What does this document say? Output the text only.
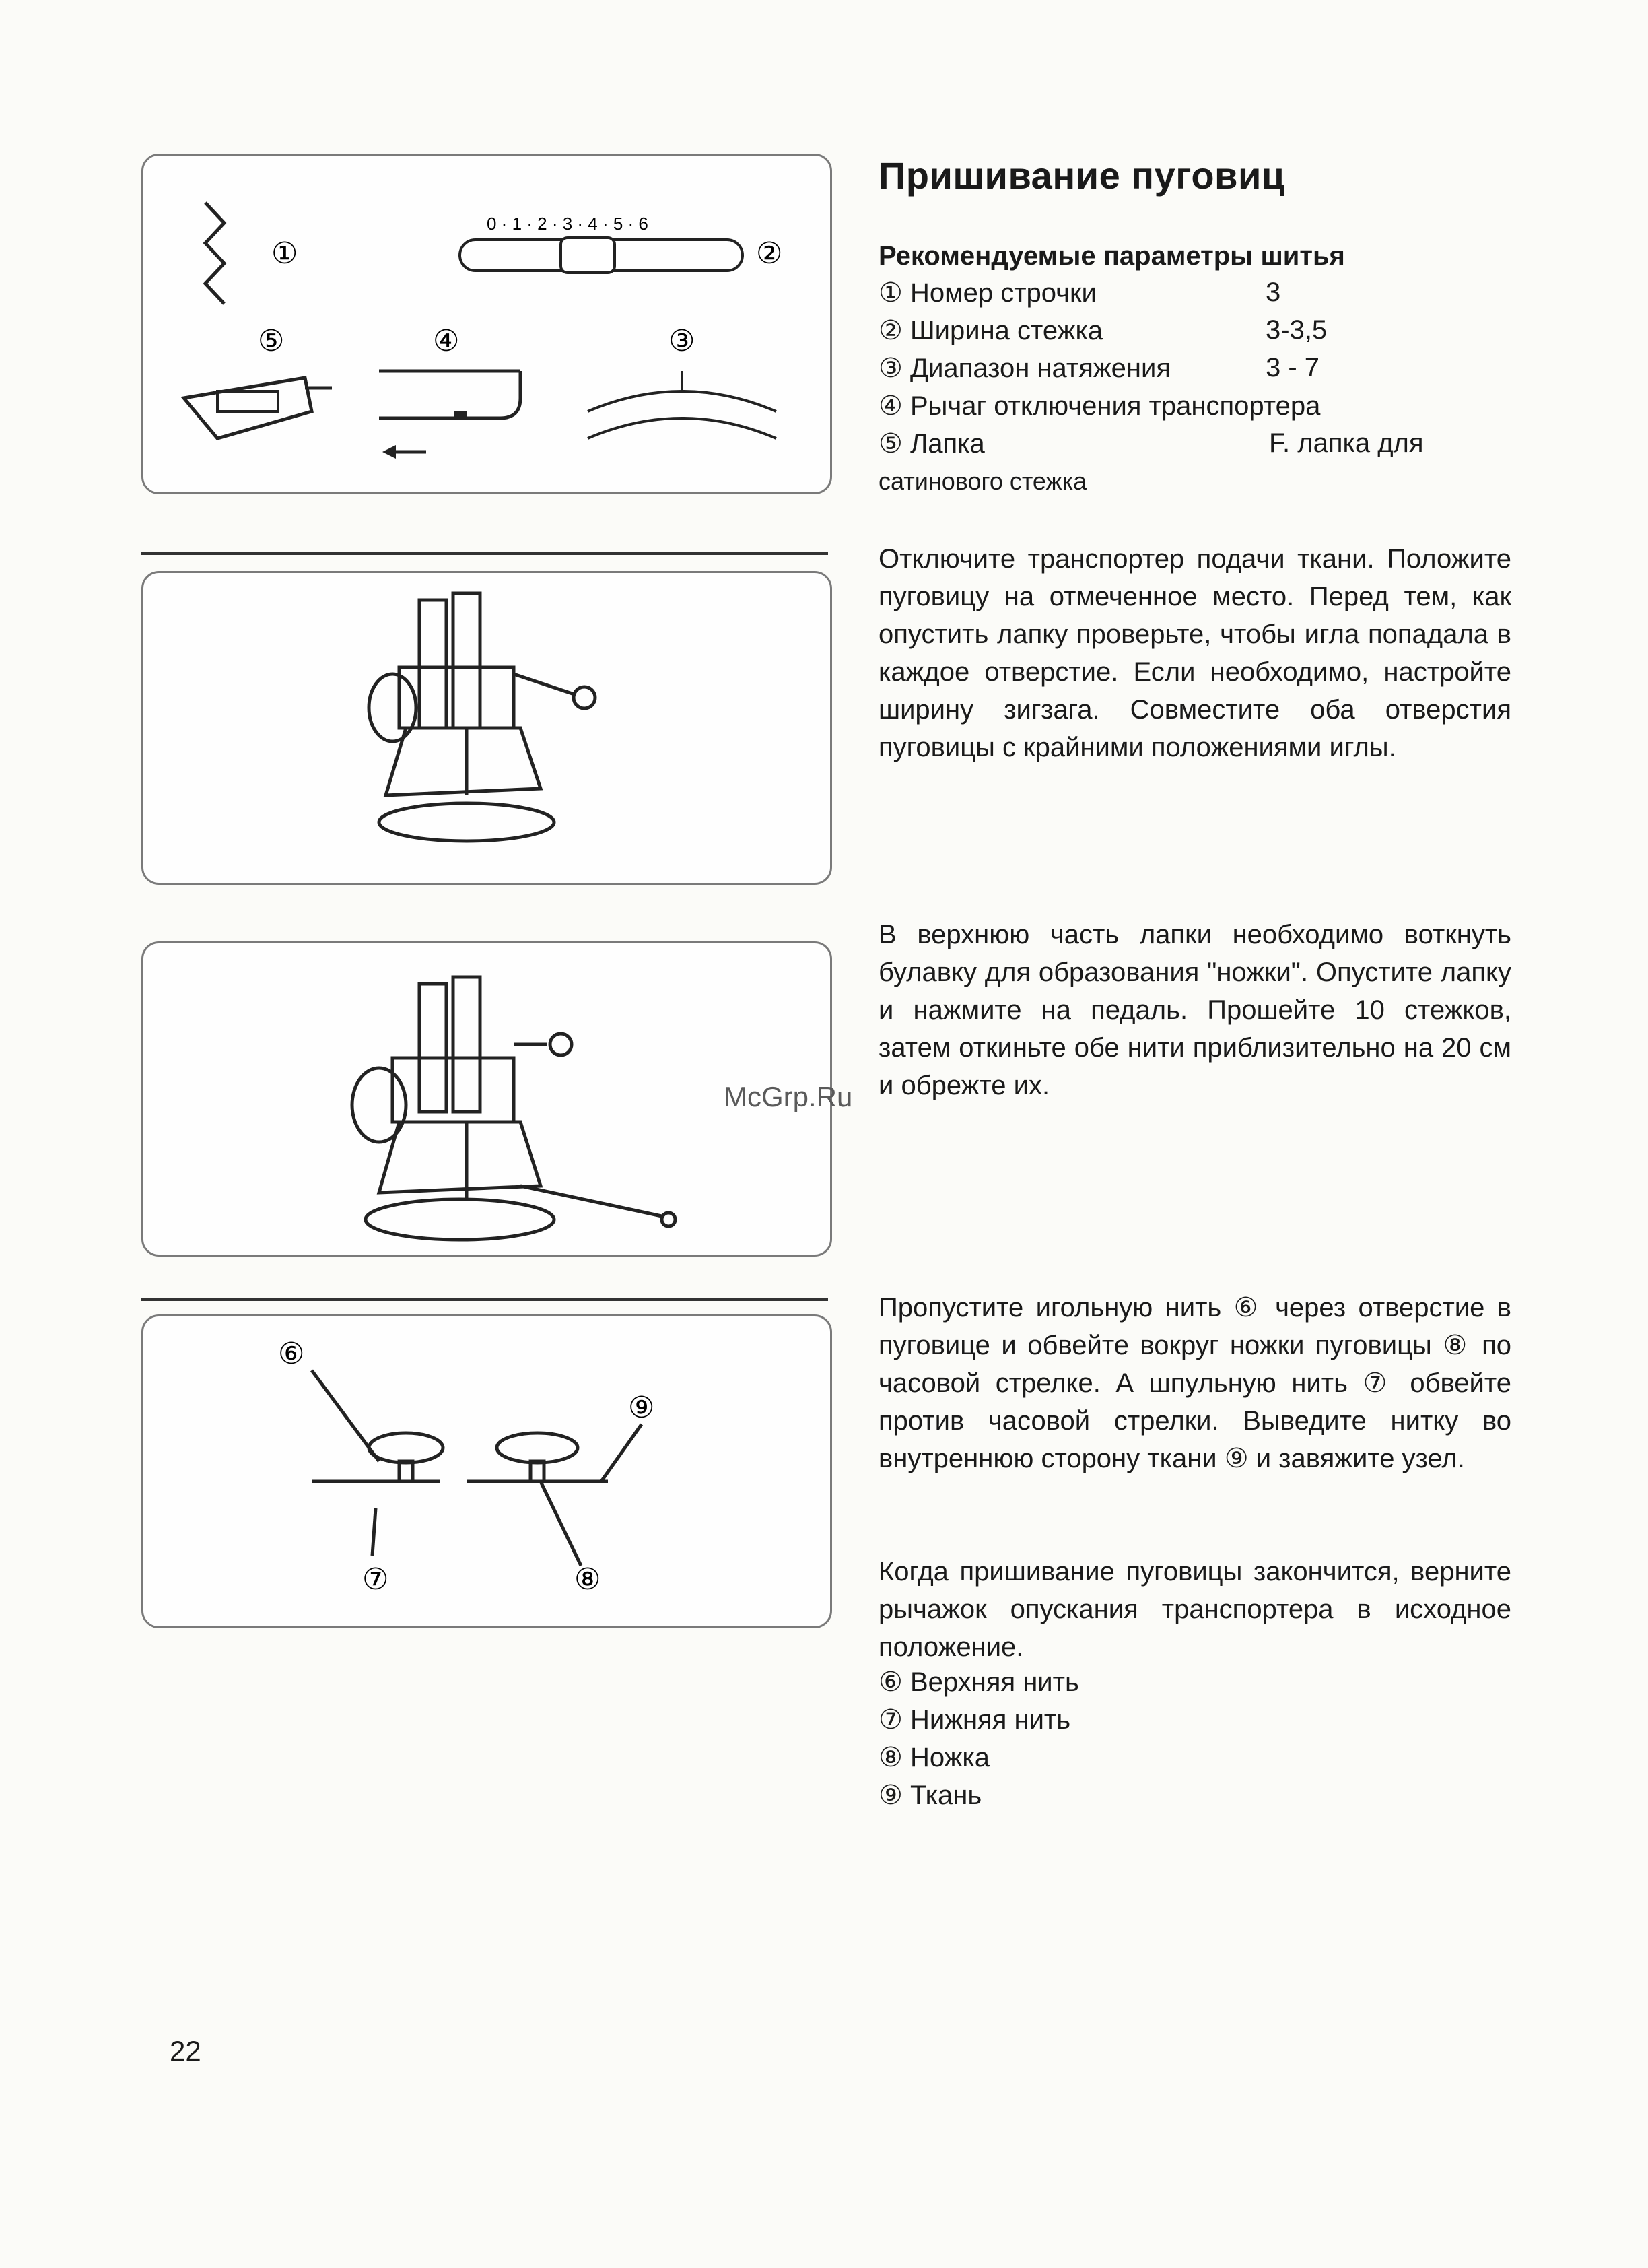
①
0 · 1 · 2 · 3 · 4 · 5 · 6
②
⑤	④	③
⑥
⑨
⑦	⑧
Пришивание пуговиц
Рекомендуемые параметры шитья
① Номер строчки	3
② Ширина стежка	3-3,5
③ Диапазон натяжения	3 - 7
④ Рычаг отключения транспортера
⑤ Лапка	F. лапка для
сатинового стежка
Отключите транспортер подачи ткани. Положите пуговицу на отмеченное место. Перед тем, как опустить лапку проверьте, чтобы игла попадала в каждое отверстие. Если необходимо, настройте ширину зигзага. Совместите оба отверстия пуговицы с крайними положениями иглы.
В верхнюю часть лапки необходимо воткнуть булавку для образования "ножки". Опустите лапку и нажмите на педаль. Прошейте 10 стежков, затем откиньте обе нити приблизительно на 20 см и обрежте их.
Пропустите игольную нить ⑥ через отверстие в пуговице и обвейте вокруг ножки пуговицы ⑧ по часовой стрелке. А шпульную нить ⑦ обвейте против часовой стрелки. Выведите нитку во внутреннюю сторону ткани ⑨ и завяжите узел.
Когда пришивание пуговицы закончится, верните рычажок опускания транспортера в исходное положение.
⑥ Верхняя нить
⑦ Нижняя нить
⑧ Ножка
⑨ Ткань
McGrp.Ru
22
